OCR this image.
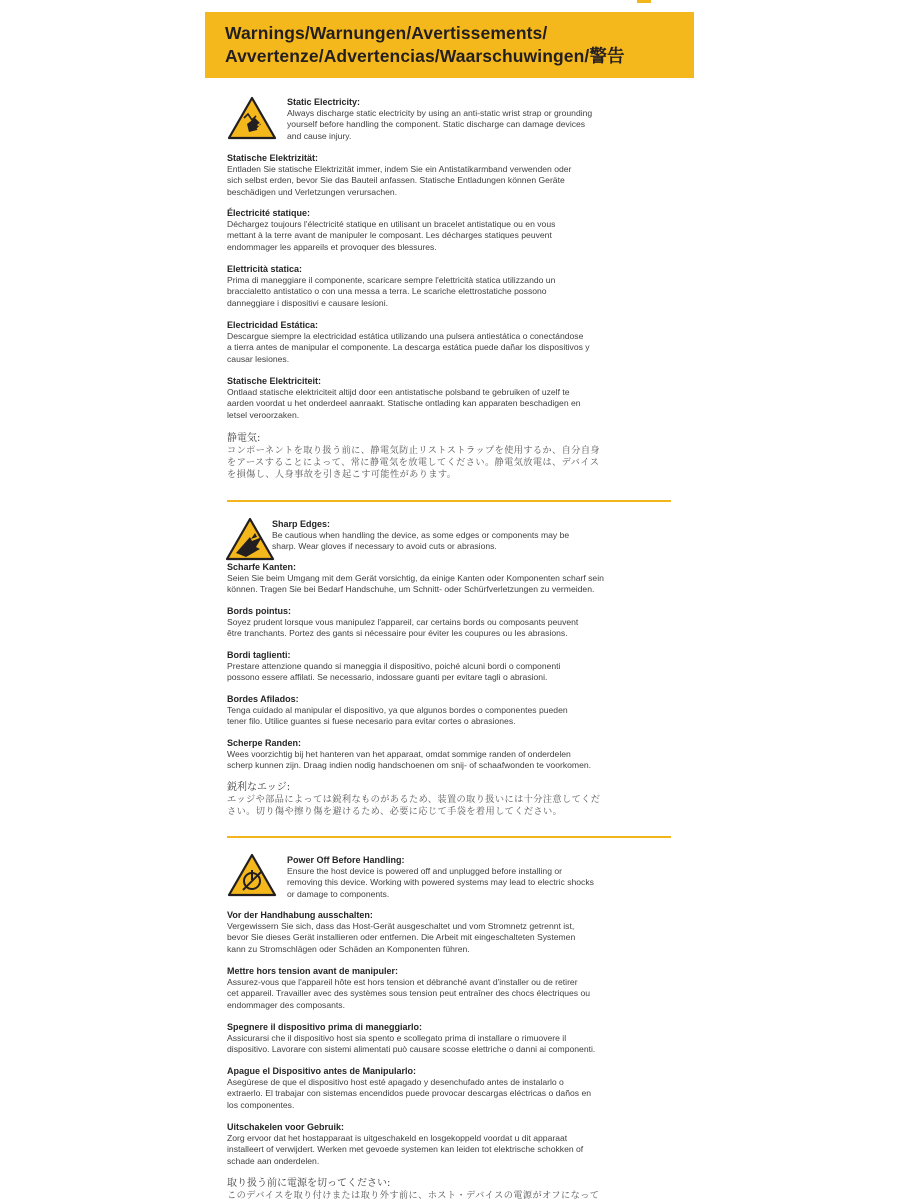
Warnings/Warnungen/Avertissements/
Avvertenze/Advertencias/Waarschuwingen/警告
Static Electricity:
Always discharge static electricity by using an anti-static wrist strap or grounding
yourself before handling the component. Static discharge can damage devices
and cause injury.
Statische Elektrizität:
Entladen Sie statische Elektrizität immer, indem Sie ein Antistatikarmband verwenden oder
sich selbst erden, bevor Sie das Bauteil anfassen. Statische Entladungen können Geräte
beschädigen und Verletzungen verursachen.
Électricité statique:
Déchargez toujours l'électricité statique en utilisant un bracelet antistatique ou en vous
mettant à la terre avant de manipuler le composant. Les décharges statiques peuvent
endommager les appareils et provoquer des blessures.
Elettricità statica:
Prima di maneggiare il componente, scaricare sempre l'elettricità statica utilizzando un
braccialetto antistatico o con una messa a terra. Le scariche elettrostatiche possono
danneggiare i dispositivi e causare lesioni.
Electricidad Estática:
Descargue siempre la electricidad estática utilizando una pulsera antiestática o conectándose
a tierra antes de manipular el componente. La descarga estática puede dañar los dispositivos y
causar lesiones.
Statische Elektriciteit:
Ontlaad statische elektriciteit altijd door een antistatische polsband te gebruiken of uzelf te
aarden voordat u het onderdeel aanraakt. Statische ontlading kan apparaten beschadigen en
letsel veroorzaken.
静電気:
コンポーネントを取り扱う前に、静電気防止リストストラップを使用するか、自分自身
をアースすることによって、常に静電気を放電してください。静電気放電は、デバイス
を損傷し、人身事故を引き起こす可能性があります。
Sharp Edges:
Be cautious when handling the device, as some edges or components may be
sharp. Wear gloves if necessary to avoid cuts or abrasions.
Scharfe Kanten:
Seien Sie beim Umgang mit dem Gerät vorsichtig, da einige Kanten oder Komponenten scharf sein
können. Tragen Sie bei Bedarf Handschuhe, um Schnitt- oder Schürfverletzungen zu vermeiden.
Bords pointus:
Soyez prudent lorsque vous manipulez l'appareil, car certains bords ou composants peuvent
être tranchants. Portez des gants si nécessaire pour éviter les coupures ou les abrasions.
Bordi taglienti:
Prestare attenzione quando si maneggia il dispositivo, poiché alcuni bordi o componenti
possono essere affilati. Se necessario, indossare guanti per evitare tagli o abrasioni.
Bordes Afilados:
Tenga cuidado al manipular el dispositivo, ya que algunos bordes o componentes pueden
tener filo. Utilice guantes si fuese necesario para evitar cortes o abrasiones.
Scherpe Randen:
Wees voorzichtig bij het hanteren van het apparaat, omdat sommige randen of onderdelen
scherp kunnen zijn. Draag indien nodig handschoenen om snij- of schaafwonden te voorkomen.
鋭利なエッジ:
エッジや部品によっては鋭利なものがあるため、装置の取り扱いには十分注意してくだ
さい。切り傷や擦り傷を避けるため、必要に応じて手袋を着用してください。
Power Off Before Handling:
Ensure the host device is powered off and unplugged before installing or
removing this device. Working with powered systems may lead to electric shocks
or damage to components.
Vor der Handhabung ausschalten:
Vergewissern Sie sich, dass das Host-Gerät ausgeschaltet und vom Stromnetz getrennt ist,
bevor Sie dieses Gerät installieren oder entfernen. Die Arbeit mit eingeschalteten Systemen
kann zu Stromschlägen oder Schäden an Komponenten führen.
Mettre hors tension avant de manipuler:
Assurez-vous que l'appareil hôte est hors tension et débranché avant d'installer ou de retirer
cet appareil. Travailler avec des systèmes sous tension peut entraîner des chocs électriques ou
endommager des composants.
Spegnere il dispositivo prima di maneggiarlo:
Assicurarsi che il dispositivo host sia spento e scollegato prima di installare o rimuovere il
dispositivo. Lavorare con sistemi alimentati può causare scosse elettriche o danni ai componenti.
Apague el Dispositivo antes de Manipularlo:
Asegúrese de que el dispositivo host esté apagado y desenchufado antes de instalarlo o
extraerlo. El trabajar con sistemas encendidos puede provocar descargas eléctricas o daños en
los componentes.
Uitschakelen voor Gebruik:
Zorg ervoor dat het hostapparaat is uitgeschakeld en losgekoppeld voordat u dit apparaat
installeert of verwijdert. Werken met gevoede systemen kan leiden tot elektrische schokken of
schade aan onderdelen.
取り扱う前に電源を切ってください:
このデバイスを取り付けまたは取り外す前に、ホスト・デバイスの電源がオフになって
